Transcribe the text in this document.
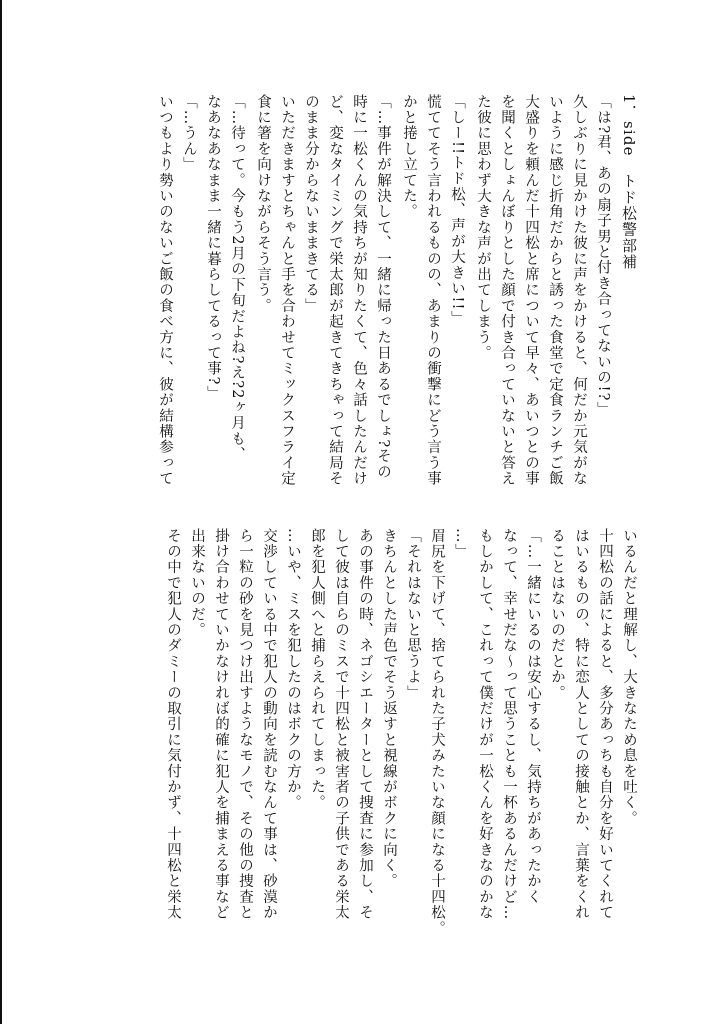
1．side　トド松警部補
「は?君、あの扇子男と付き合ってないの!?」
久しぶりに見かけた彼に声をかけると、何だか元気がな
いように感じ折角だからと誘った食堂で定食ランチご飯
大盛りを頼んだ十四松と席について早々、あいつとの事
を聞くとしょんぼりとした顔で付き合っていないと答え
た彼に思わず大きな声が出てしまう。
「しー!!トド松、声が大きい!!」
慌ててそう言われるものの、あまりの衝撃にどう言う事
かと捲し立てた。
「…事件が解決して、一緒に帰った日あるでしょ?その
時に一松くんの気持ちが知りたくて、色々話したんだけ
ど、変なタイミングで栄太郎が起きてきちゃって結局そ
のまま分からないままきてる」
いただきますとちゃんと手を合わせてミックスフライ定
食に箸を向けながらそう言う。
「…待って。今もう2月の下旬だよね?え?2ヶ月も、
なあなあなまま一緒に暮らしてるって事?」
「…うん」
いつもより勢いのないご飯の食べ方に、彼が結構参って
いるんだと理解し、大きなため息を吐く。
十四松の話によると、多分あっちも自分を好いてくれて
はいるものの、特に恋人としての接触とか、言葉をくれ
ることはないのだとか。
「…一緒にいるのは安心するし、気持ちがあったかく
なって、幸せだな〜って思うことも一杯あるんだけど…
もしかして、これって僕だけが一松くんを好きなのかな
…」
眉尻を下げて、捨てられた子犬みたいな顔になる十四松。
「それはないと思うよ」
きちんとした声色でそう返すと視線がボクに向く。
あの事件の時、ネゴシエーターとして捜査に参加し、そ
して彼は自らのミスで十四松と被害者の子供である栄太
郎を犯人側へと捕らえられてしまった。
…いや、ミスを犯したのはボクの方か。
交渉している中で犯人の動向を読むなんて事は、砂漠か
ら一粒の砂を見つけ出すようなモノで、その他の捜査と
掛け合わせていかなければ的確に犯人を捕まえる事など
出来ないのだ。
その中で犯人のダミーの取引に気付かず、十四松と栄太
